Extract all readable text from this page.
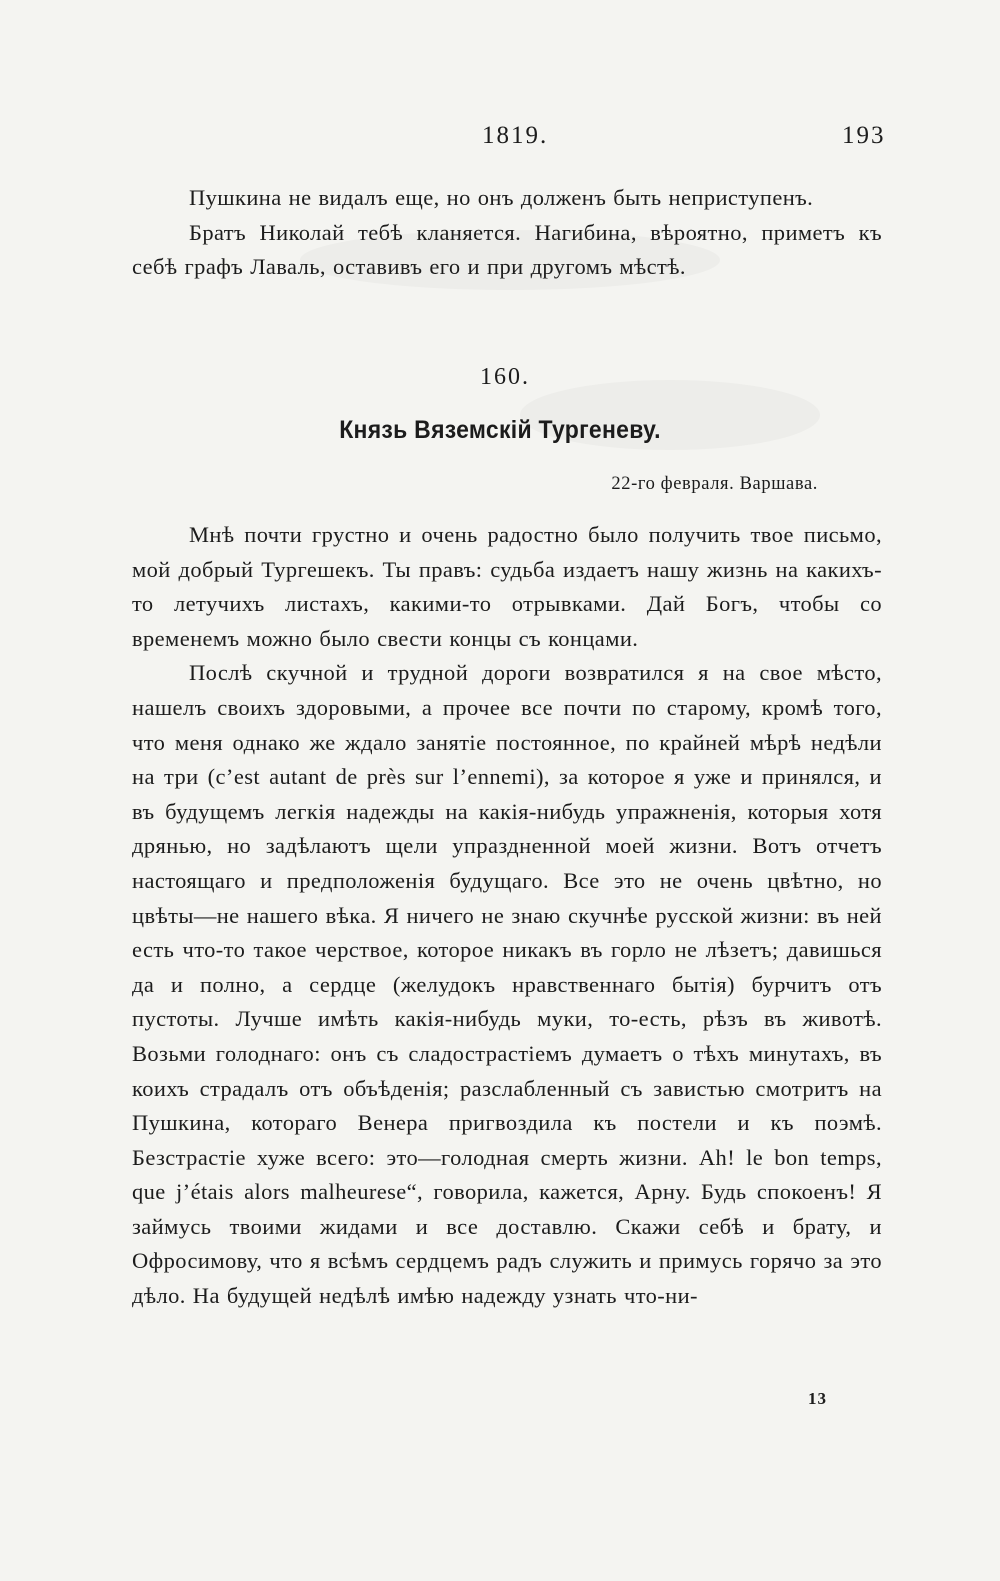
1819.	193

Пушкина не видалъ еще, но онъ долженъ быть неприступенъ.

Братъ Николай тебѣ кланяется. Нагибина, вѣроятно, приметъ къ себѣ графъ Лаваль, оставивъ его и при другомъ мѣстѣ.

160.
Князь Вяземскій Тургеневу.
22-го февраля. Варшава.

Мнѣ почти грустно и очень радостно было получить твое письмо, мой добрый Тургешекъ. Ты правъ: судьба издаетъ нашу жизнь на какихъ-то летучихъ листахъ, какими-то отрывками. Дай Богъ, чтобы со временемъ можно было свести концы съ концами.

Послѣ скучной и трудной дороги возвратился я на свое мѣсто, нашелъ своихъ здоровыми, а прочее все почти по старому, кромѣ того, что меня однако же ждало занятіе постоянное, по крайней мѣрѣ недѣли на три (c’est autant de près sur l’ennemi), за которое я уже и принялся, и въ будущемъ легкія надежды на какія-нибудь упражненія, которыя хотя дрянью, но задѣлаютъ щели упраздненной моей жизни. Вотъ отчетъ настоящаго и предположенія будущаго. Все это не очень цвѣтно, но цвѣты—не нашего вѣка. Я ничего не знаю скучнѣе русской жизни: въ ней есть что-то такое черствое, которое никакъ въ горло не лѣзетъ; давишься да и полно, а сердце (желудокъ нравственнаго бытія) бурчитъ отъ пустоты. Лучше имѣть какія-нибудь муки, то-есть, рѣзъ въ животѣ. Возьми голоднаго: онъ съ сладострастіемъ думаетъ о тѣхъ минутахъ, въ коихъ страдалъ отъ объѣденія; разслабленный съ завистью смотритъ на Пушкина, котораго Венера пригвоздила къ постели и къ поэмѣ. Безстрастіе хуже всего: это—голодная смерть жизни. Ah! le bon temps, que j’étais alors malheurese“, говорила, кажется, Арну. Будь спокоенъ! Я займусь твоими жидами и все доставлю. Скажи себѣ и брату, и Офросимову, что я всѣмъ сердцемъ радъ служить и примусь горячо за это дѣло. На будущей недѣлѣ имѣю надежду узнать что-ни-

13
